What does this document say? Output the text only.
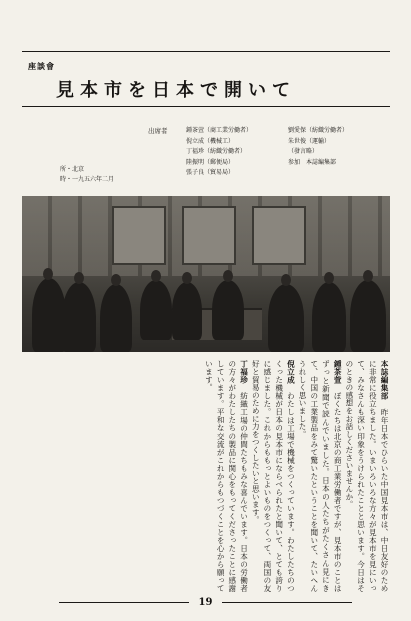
座談會
見本市を日本で開いて
出席者	鍾茶萱（商工業労働者）
倪立成（機械工）
丁福珍（紡織労働者）
陸振明（郵便局）
張子良（貿易局）
劉愛保（紡織労働者）
朱世俊（運輸）
（發言略）
参加　本誌編集部
所・北京
時・一九五六年二月

本誌編集部　昨年日本でひらいた中国見本市は、中日友好のために非常に役立ちました。いまいろいろな方々が見本市を見にいって、みなさんも深い印象をうけられたことと思います。今日はそのときの感想をお話しくださいませんか。

鍾茶萱　ぼくたちは北京の商工業労働者ですが、見本市のことはずっと新聞で読んでいました。日本の人たちがたくさん見にきて、中国の工業製品をみて驚いたということを聞いて、たいへんうれしく思いました。

倪立成　わたしは工場で機械をつくっています。わたしたちのつくった機械が日本の見本市にならべられたと聞いて、とても誇りに感じました。これからももっとよいものをつくって、両国の友好と貿易のために力をつくしたいと思います。

丁福珍　紡織工場の仲間たちもみな喜んでいます。日本の労働者の方々がわたしたちの製品に関心をもってくださったことに感謝しています。平和な交流がこれからもつづくことを心から願っています。

19
